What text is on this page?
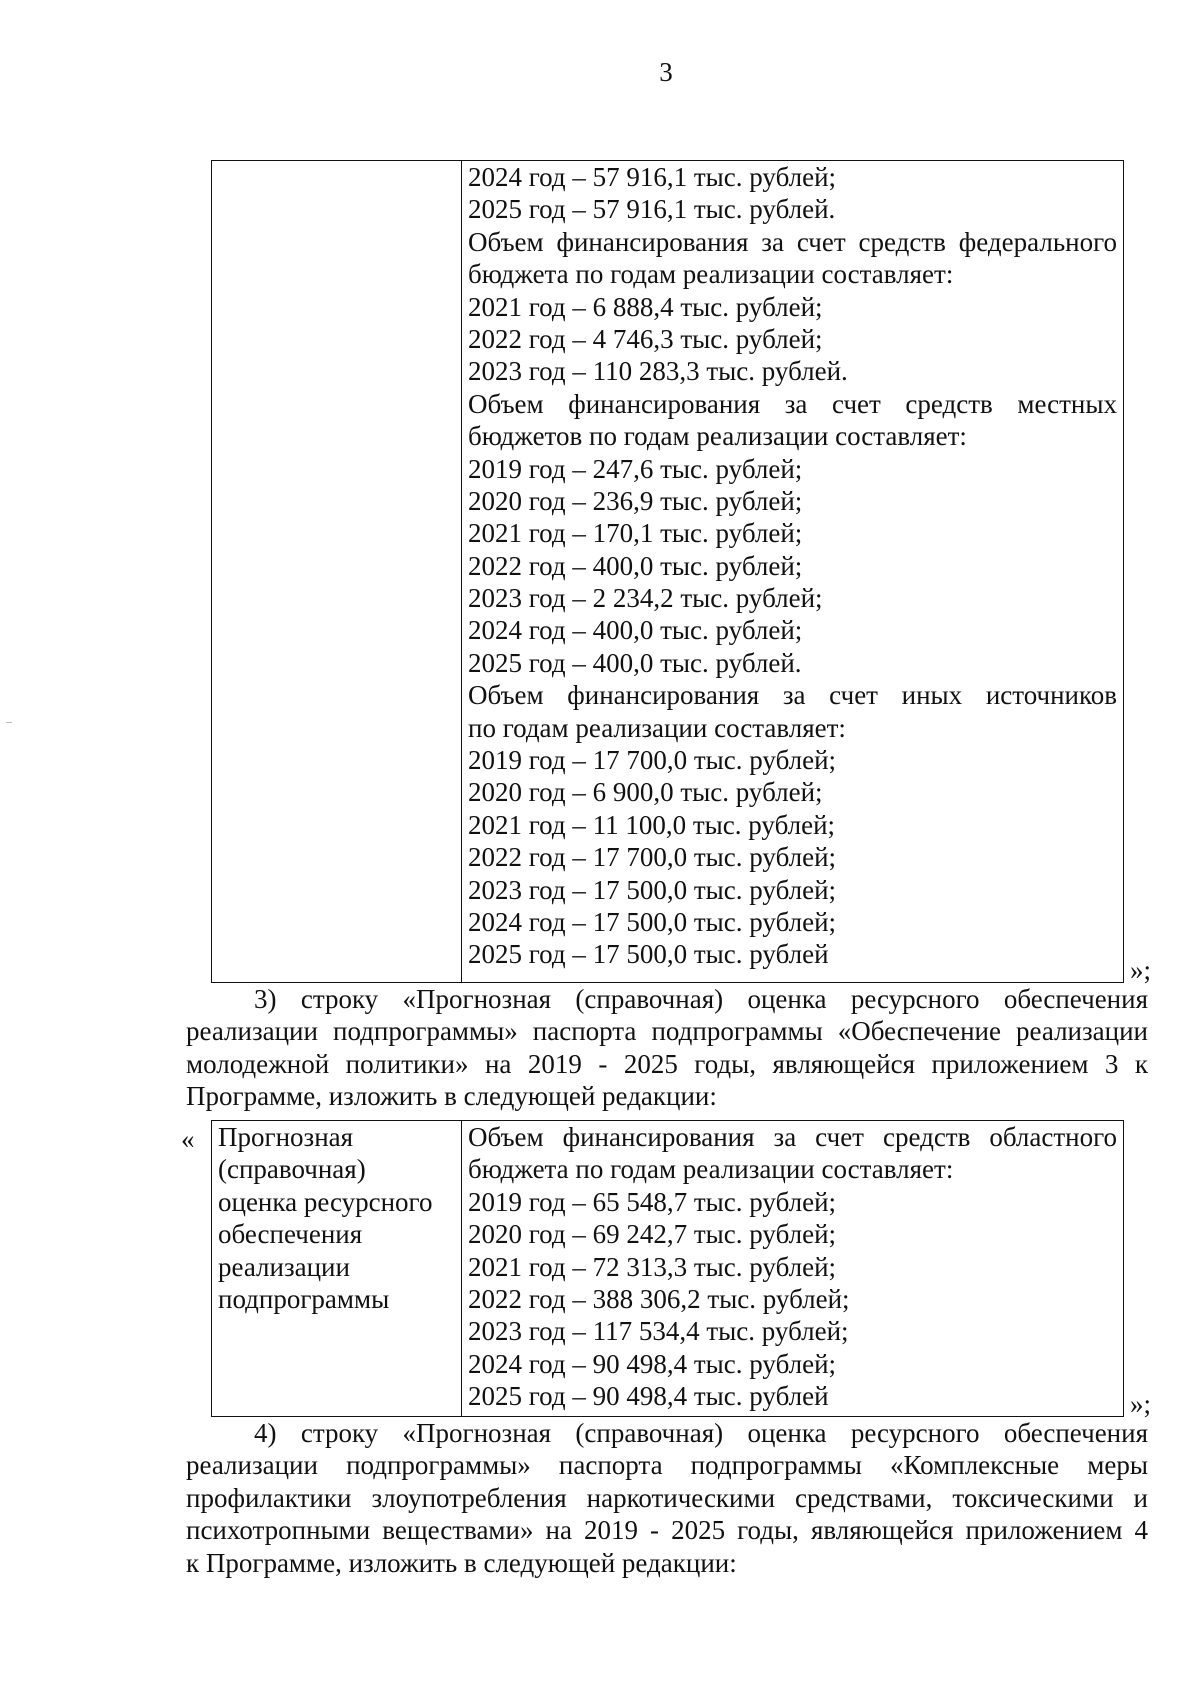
3
2024 год – 57 916,1 тыс. рублей;
2025 год – 57 916,1 тыс. рублей.
Объем финансирования за счет средств федерального
бюджета по годам реализации составляет:
2021 год – 6 888,4 тыс. рублей;
2022 год – 4 746,3 тыс. рублей;
2023 год – 110 283,3 тыс. рублей.
Объем финансирования за счет средств местных
бюджетов по годам реализации составляет:
2019 год – 247,6 тыс. рублей;
2020 год – 236,9 тыс. рублей;
2021 год – 170,1 тыс. рублей;
2022 год – 400,0 тыс. рублей;
2023 год – 2 234,2 тыс. рублей;
2024 год – 400,0 тыс. рублей;
2025 год – 400,0 тыс. рублей.
Объем финансирования за счет иных источников
по годам реализации составляет:
2019 год – 17 700,0 тыс. рублей;
2020 год – 6 900,0 тыс. рублей;
2021 год – 11 100,0 тыс. рублей;
2022 год – 17 700,0 тыс. рублей;
2023 год – 17 500,0 тыс. рублей;
2024 год – 17 500,0 тыс. рублей;
2025 год – 17 500,0 тыс. рублей
»;
3) строку «Прогнозная (справочная) оценка ресурсного обеспечения
реализации подпрограммы» паспорта подпрограммы «Обеспечение реализации
молодежной политики» на 2019 - 2025 годы, являющейся приложением 3 к
Программе, изложить в следующей редакции:
« Прогнозная
(справочная)
оценка ресурсного
обеспечения
реализации
подпрограммы
Объем финансирования за счет средств областного
бюджета по годам реализации составляет:
2019 год – 65 548,7 тыс. рублей;
2020 год – 69 242,7 тыс. рублей;
2021 год – 72 313,3 тыс. рублей;
2022 год – 388 306,2 тыс. рублей;
2023 год – 117 534,4 тыс. рублей;
2024 год – 90 498,4 тыс. рублей;
2025 год – 90 498,4 тыс. рублей	»;
4) строку «Прогнозная (справочная) оценка ресурсного обеспечения
реализации подпрограммы» паспорта подпрограммы «Комплексные меры
профилактики злоупотребления наркотическими средствами, токсическими и
психотропными веществами» на 2019 - 2025 годы, являющейся приложением 4
к Программе, изложить в следующей редакции:
